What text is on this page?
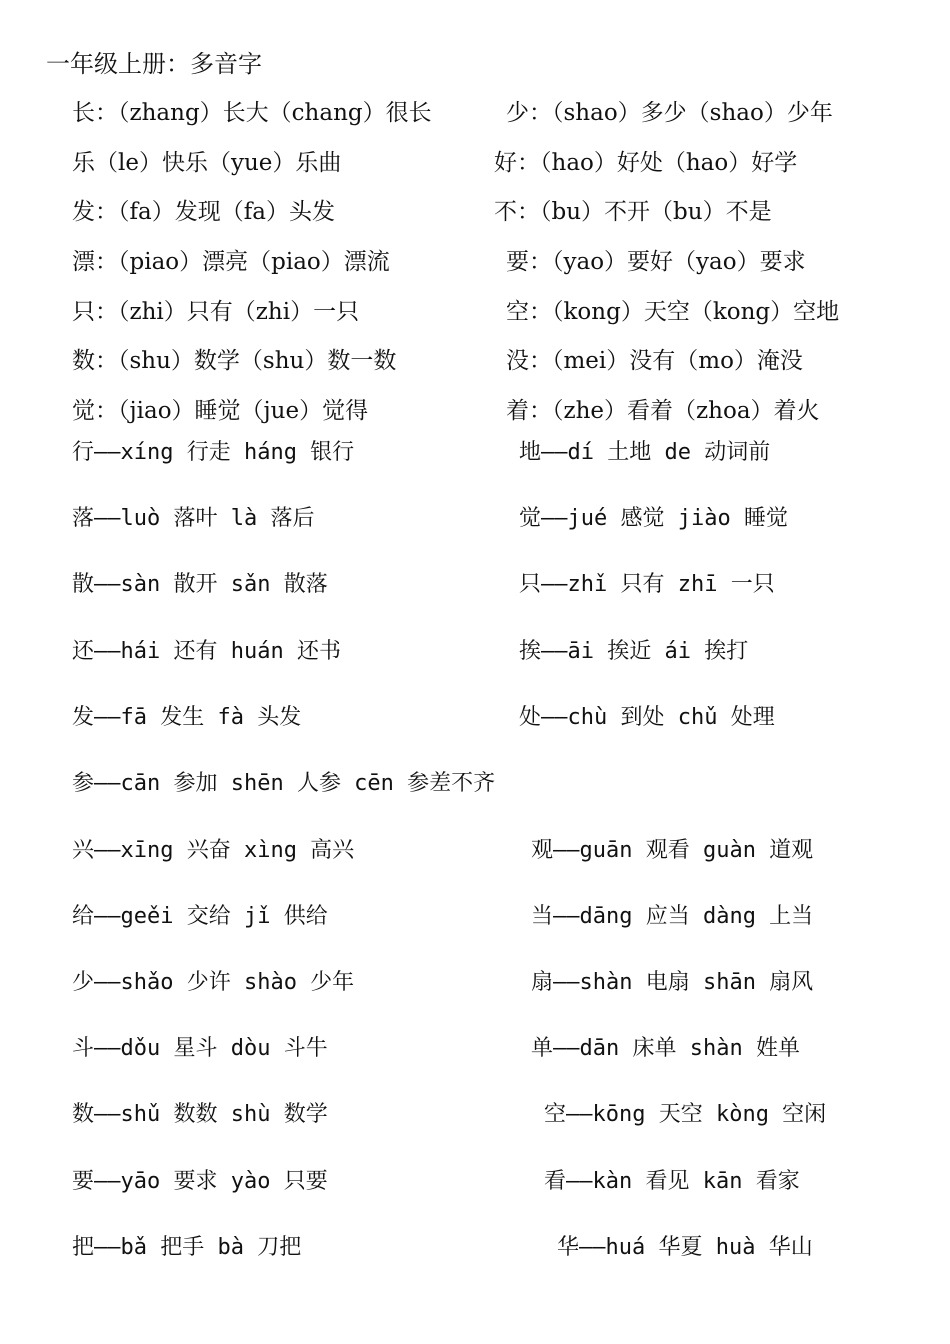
一年级上册：多音字
长：（zhang）长大（chang）很长	少：（shao）多少（shao）少年
乐（le）快乐（yue）乐曲	好：（hao）好处（hao）好学
发：（fa）发现（fa）头发	不：（bu）不开（bu）不是
漂：（piao）漂亮（piao）漂流	要：（yao）要好（yao）要求
只：（zhi）只有（zhi）一只	空：（kong）天空（kong）空地
数：（shu）数学（shu）数一数	没：（mei）没有（mo）淹没
觉：（jiao）睡觉（jue）觉得	着：（zhe）看着（zhoa）着火
行——xíng 行走 háng 银行	地——dí 土地 de 动词前
落——luò 落叶 là 落后	觉——jué 感觉 jiào 睡觉
散——sàn 散开 sǎn 散落	只——zhǐ 只有 zhī 一只
还——hái 还有 huán 还书	挨——āi 挨近 ái 挨打
发——fā 发生 fà 头发	处——chù 到处 chǔ 处理
参——cān 参加 shēn 人参 cēn 参差不齐
兴——xīng 兴奋 xìng 高兴	观——guān 观看 guàn 道观
给——geěi 交给 jǐ 供给	当——dāng 应当 dàng 上当
少——shǎo 少许 shào 少年	扇——shàn 电扇 shān 扇风
斗——dǒu 星斗 dòu 斗牛	单——dān 床单 shàn 姓单
数——shǔ 数数 shù 数学	空——kōng 天空 kòng 空闲
要——yāo 要求 yào 只要	看——kàn 看见 kān 看家
把——bǎ 把手 bà 刀把	华——huá 华夏 huà 华山
